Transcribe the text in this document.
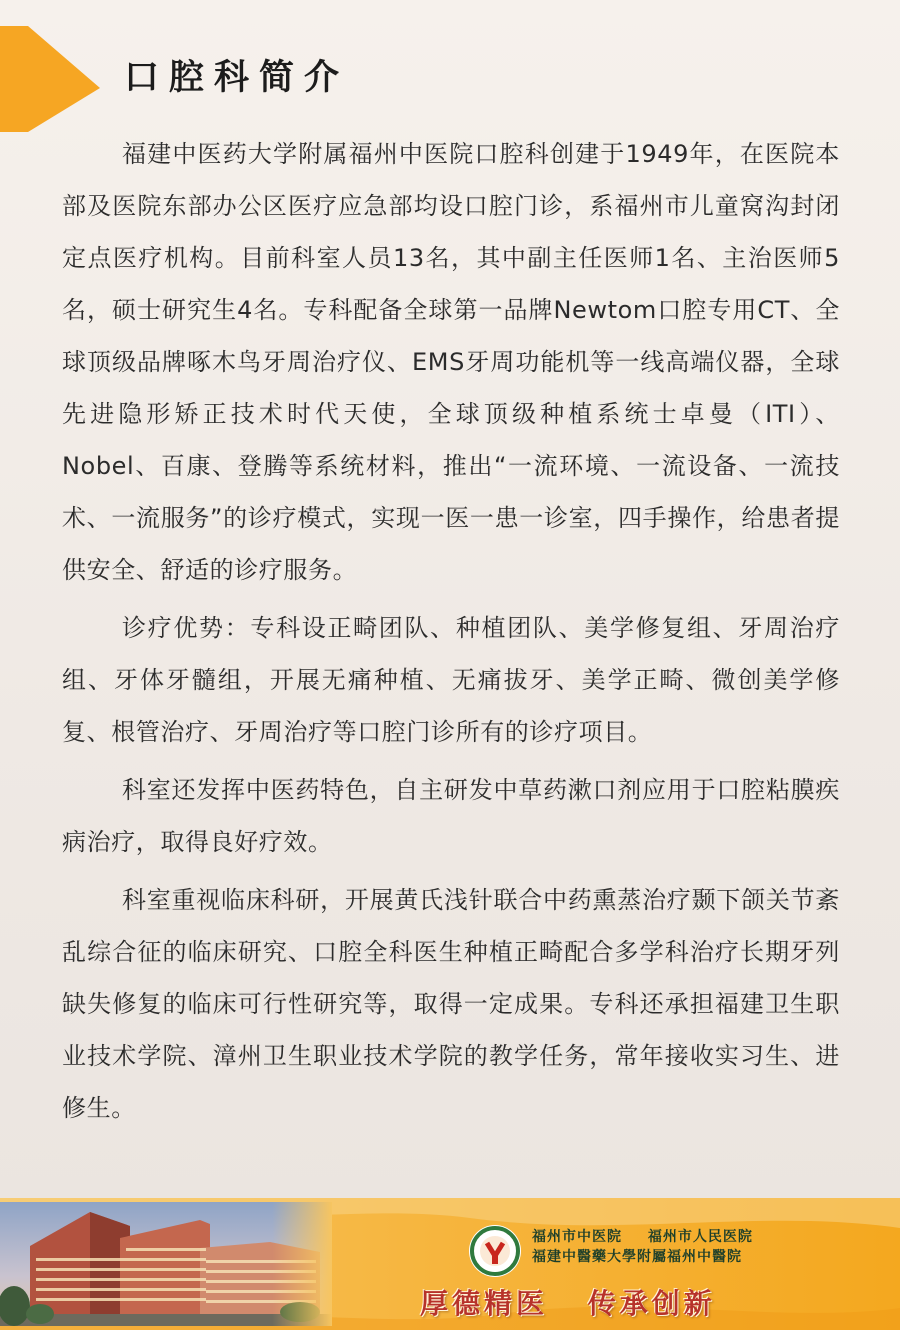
口腔科简介

福建中医药大学附属福州中医院口腔科创建于1949年，在医院本部及医院东部办公区医疗应急部均设口腔门诊，系福州市儿童窝沟封闭定点医疗机构。目前科室人员13名，其中副主任医师1名、主治医师5名，硕士研究生4名。专科配备全球第一品牌Newtom口腔专用CT、全球顶级品牌啄木鸟牙周治疗仪、EMS牙周功能机等一线高端仪器，全球先进隐形矫正技术时代天使，全球顶级种植系统士卓曼（ITI）、Nobel、百康、登腾等系统材料，推出“一流环境、一流设备、一流技术、一流服务”的诊疗模式，实现一医一患一诊室，四手操作，给患者提供安全、舒适的诊疗服务。

诊疗优势：专科设正畸团队、种植团队、美学修复组、牙周治疗组、牙体牙髓组，开展无痛种植、无痛拔牙、美学正畸、微创美学修复、根管治疗、牙周治疗等口腔门诊所有的诊疗项目。

科室还发挥中医药特色，自主研发中草药漱口剂应用于口腔粘膜疾病治疗，取得良好疗效。

科室重视临床科研，开展黄氏浅针联合中药熏蒸治疗颞下颌关节紊乱综合征的临床研究、口腔全科医生种植正畸配合多学科治疗长期牙列缺失修复的临床可行性研究等，取得一定成果。专科还承担福建卫生职业技术学院、漳州卫生职业技术学院的教学任务，常年接收实习生、进修生。

福州市中医院 福州市人民医院
福建中醫藥大學附屬福州中醫院
厚德精医 传承创新
